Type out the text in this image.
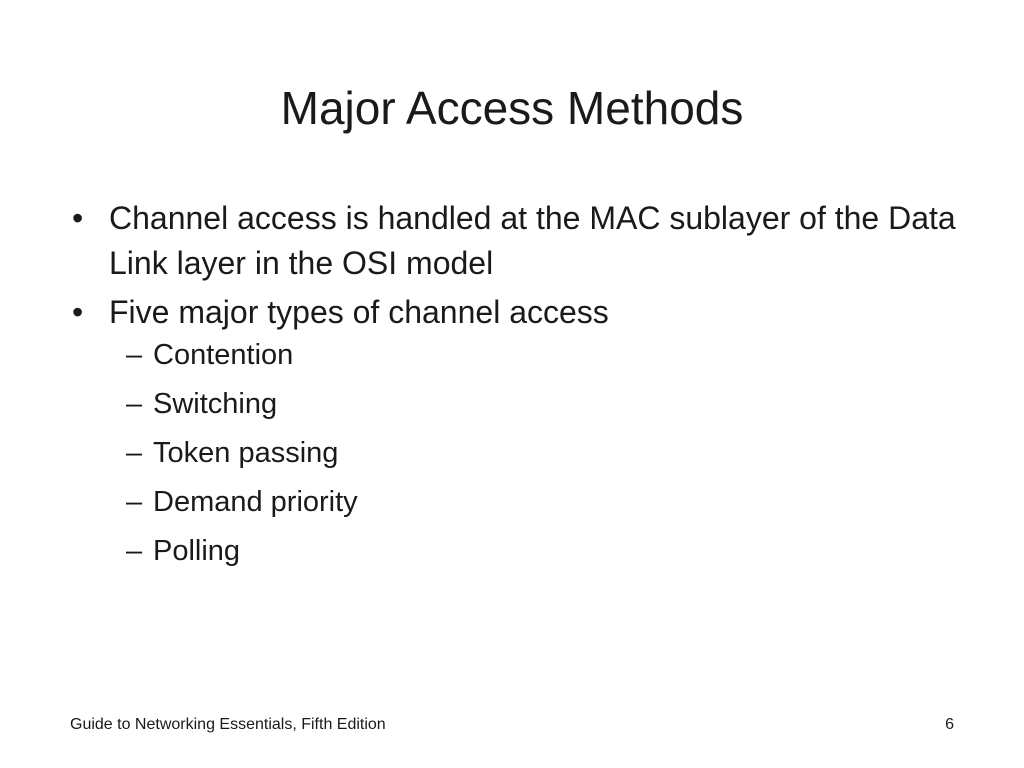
Major Access Methods
• Channel access is handled at the MAC sublayer of the Data Link layer in the OSI model
• Five major types of channel access
– Contention
– Switching
– Token passing
– Demand priority
– Polling
Guide to Networking Essentials, Fifth Edition	6
